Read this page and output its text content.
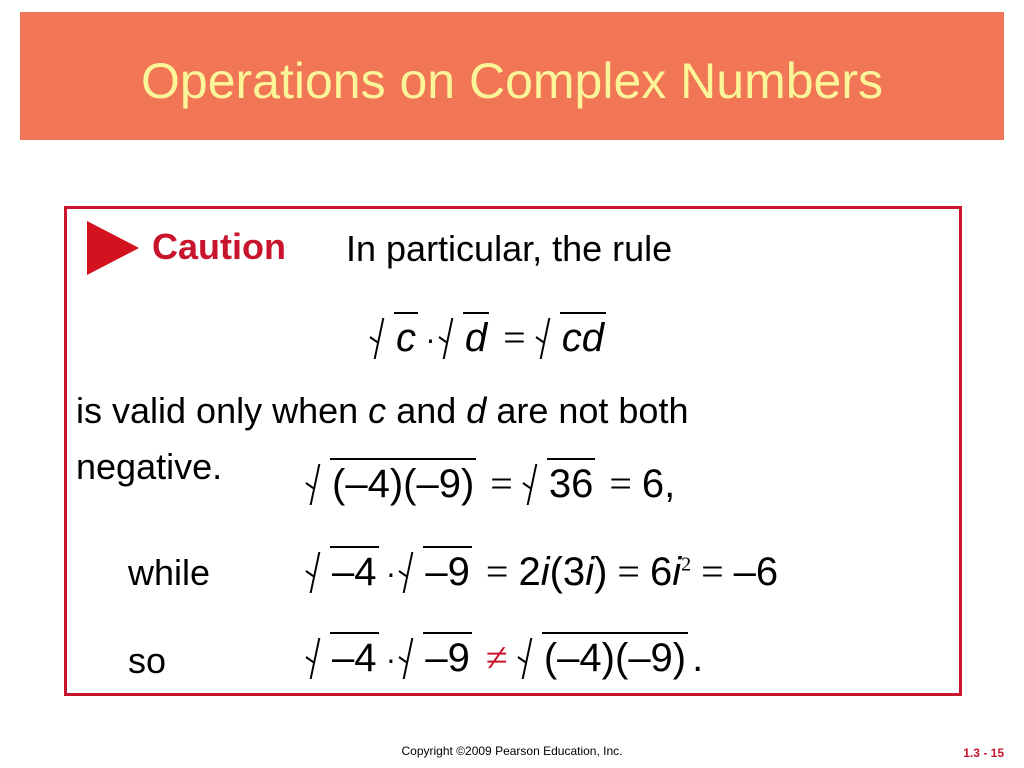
Operations on Complex Numbers
Caution In particular, the rule
c ⋅ d = cd
is valid only when c and d are not both
negative.	(–4)(–9) = 36 = 6,
while	$-4 \cdot -9 = 2i(3i) = 6i^2 = -6$
so	–4 ⋅ –9 ≠ (–4)(–9) .
Copyright ©2009 Pearson Education, Inc.	1.3 - 15
